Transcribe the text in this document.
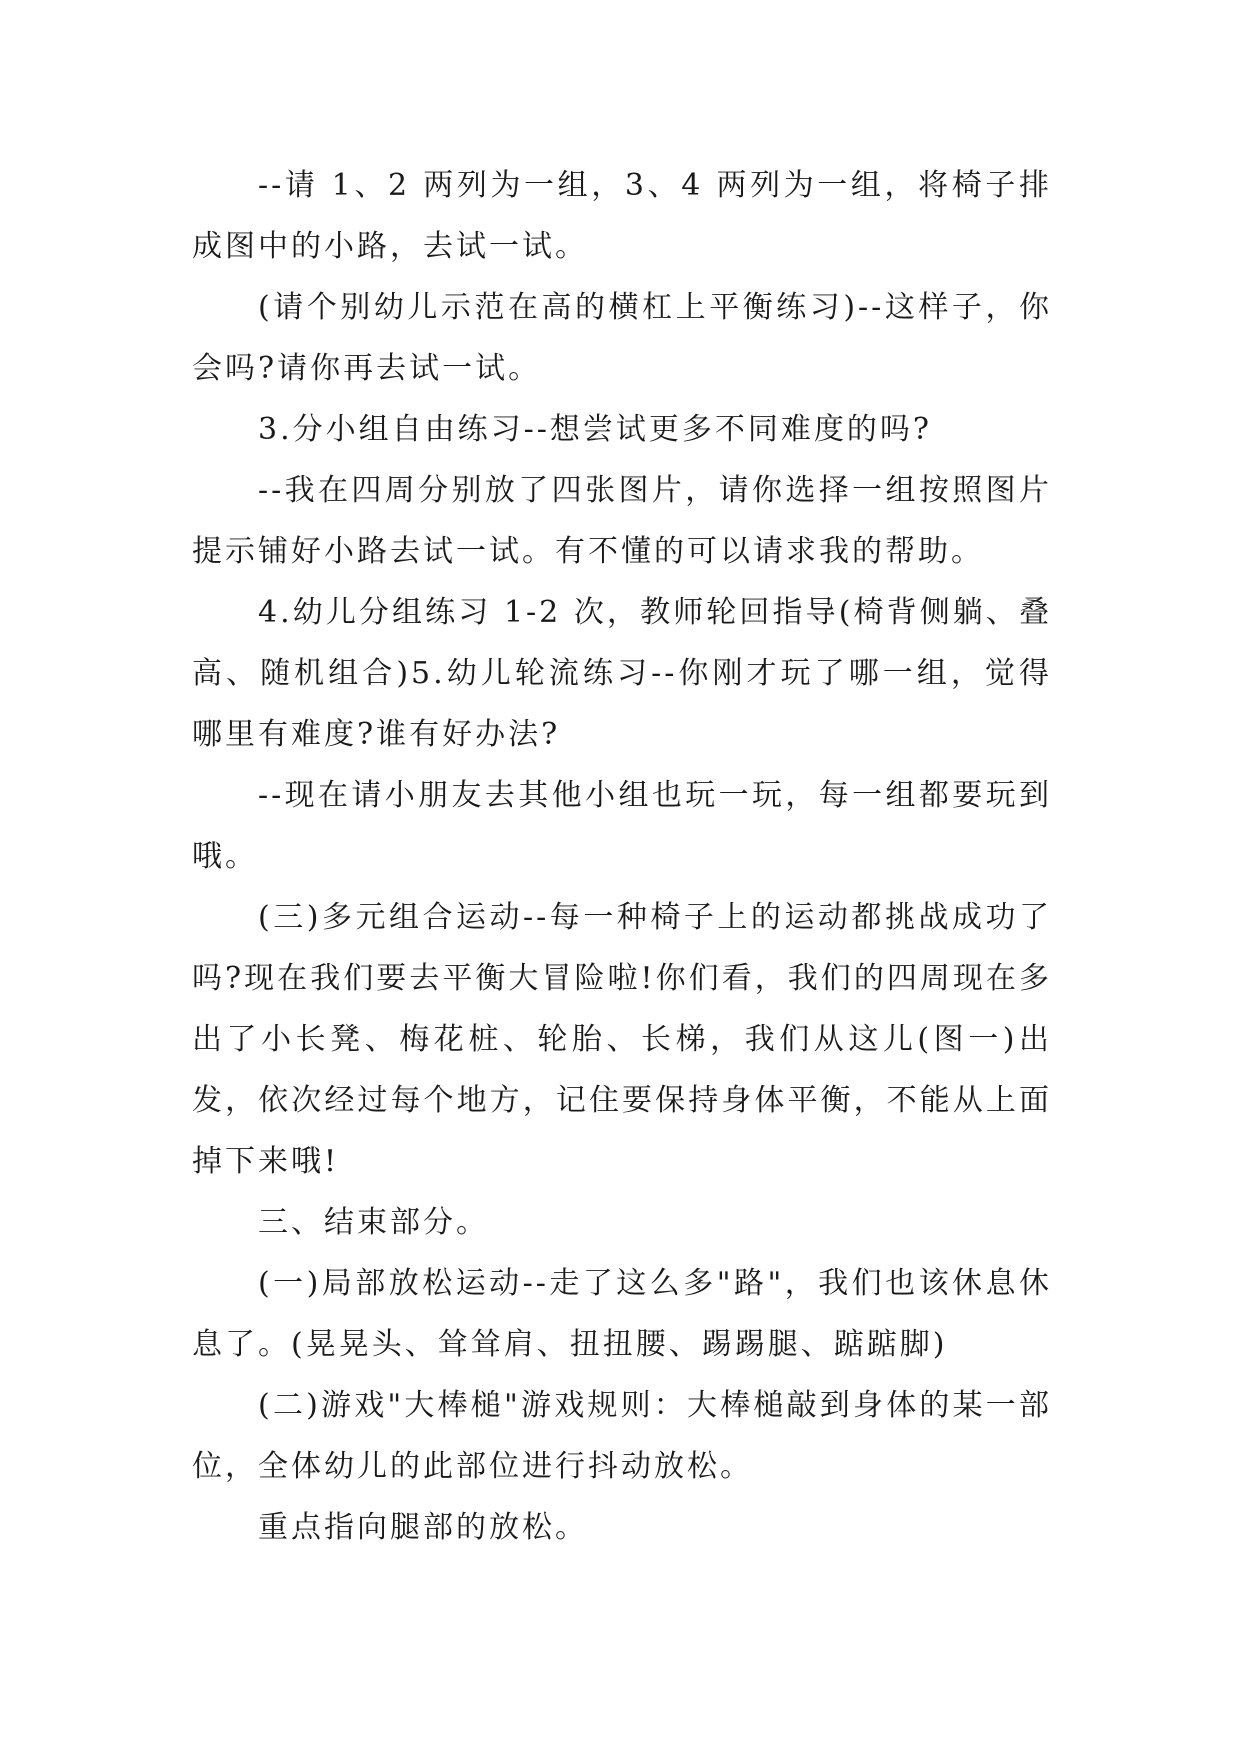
--请 1、2 两列为一组，3、4 两列为一组，将椅子排成图中的小路，去试一试。

(请个别幼儿示范在高的横杠上平衡练习)--这样子，你会吗?请你再去试一试。

3.分小组自由练习--想尝试更多不同难度的吗?

--我在四周分别放了四张图片，请你选择一组按照图片提示铺好小路去试一试。有不懂的可以请求我的帮助。

4.幼儿分组练习 1-2 次，教师轮回指导(椅背侧躺、叠高、随机组合)5.幼儿轮流练习--你刚才玩了哪一组，觉得哪里有难度?谁有好办法?

--现在请小朋友去其他小组也玩一玩，每一组都要玩到哦。

(三)多元组合运动--每一种椅子上的运动都挑战成功了吗?现在我们要去平衡大冒险啦!你们看，我们的四周现在多出了小长凳、梅花桩、轮胎、长梯，我们从这儿(图一)出发，依次经过每个地方，记住要保持身体平衡，不能从上面掉下来哦!

三、结束部分。

(一)局部放松运动--走了这么多"路"，我们也该休息休息了。(晃晃头、耸耸肩、扭扭腰、踢踢腿、踮踮脚)

(二)游戏"大棒槌"游戏规则：大棒槌敲到身体的某一部位，全体幼儿的此部位进行抖动放松。

重点指向腿部的放松。
